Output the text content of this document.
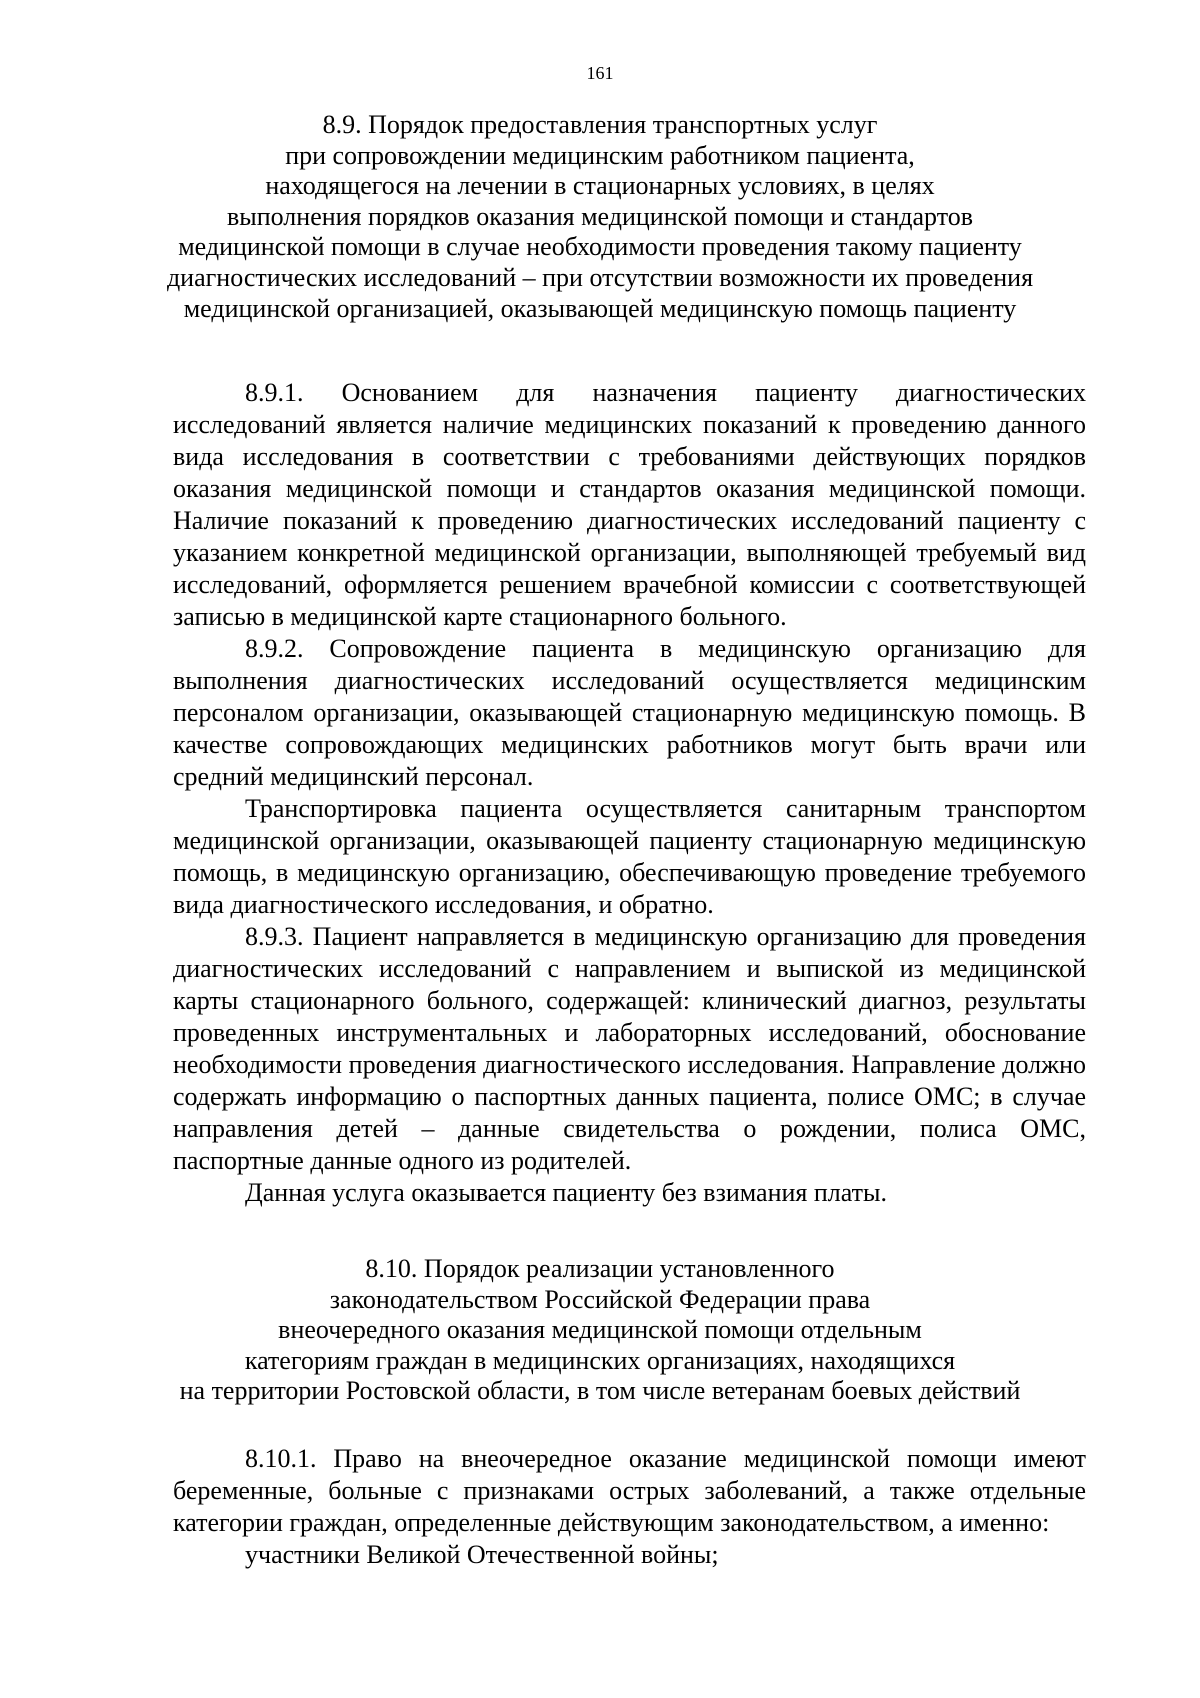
161
8.9. Порядок предоставления транспортных услуг
при сопровождении медицинским работником пациента,
находящегося на лечении в стационарных условиях, в целях
выполнения порядков оказания медицинской помощи и стандартов
медицинской помощи в случае необходимости проведения такому пациенту
диагностических исследований – при отсутствии возможности их проведения
медицинской организацией, оказывающей медицинскую помощь пациенту

8.9.1. Основанием для назначения пациенту диагностических исследований является наличие медицинских показаний к проведению данного вида исследования в соответствии с требованиями действующих порядков оказания медицинской помощи и стандартов оказания медицинской помощи. Наличие показаний к проведению диагностических исследований пациенту с указанием конкретной медицинской организации, выполняющей требуемый вид исследований, оформляется решением врачебной комиссии с соответствующей записью в медицинской карте стационарного больного.

8.9.2. Сопровождение пациента в медицинскую организацию для выполнения диагностических исследований осуществляется медицинским персоналом организации, оказывающей стационарную медицинскую помощь. В качестве сопровождающих медицинских работников могут быть врачи или средний медицинский персонал.

Транспортировка пациента осуществляется санитарным транспортом медицинской организации, оказывающей пациенту стационарную медицинскую помощь, в медицинскую организацию, обеспечивающую проведение требуемого вида диагностического исследования, и обратно.

8.9.3. Пациент направляется в медицинскую организацию для проведения диагностических исследований с направлением и выпиской из медицинской карты стационарного больного, содержащей: клинический диагноз, результаты проведенных инструментальных и лабораторных исследований, обоснование необходимости проведения диагностического исследования. Направление должно содержать информацию о паспортных данных пациента, полисе ОМС; в случае направления детей – данные свидетельства о рождении, полиса ОМС, паспортные данные одного из родителей.

Данная услуга оказывается пациенту без взимания платы.

8.10. Порядок реализации установленного
законодательством Российской Федерации права
внеочередного оказания медицинской помощи отдельным
категориям граждан в медицинских организациях, находящихся
на территории Ростовской области, в том числе ветеранам боевых действий

8.10.1. Право на внеочередное оказание медицинской помощи имеют беременные, больные с признаками острых заболеваний, а также отдельные категории граждан, определенные действующим законодательством, а именно:

участники Великой Отечественной войны;
